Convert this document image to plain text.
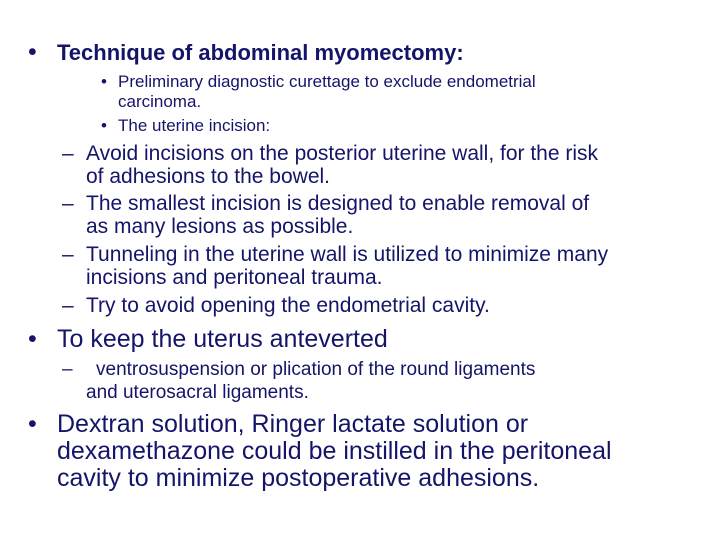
• Technique of abdominal myomectomy:

• Preliminary diagnostic curettage to exclude endometrial

carcinoma.

• The uterine incision:

– Avoid incisions on the posterior uterine wall, for the risk

of adhesions to the bowel.

– The smallest incision is designed to enable removal of

as many lesions as possible.

– Tunneling in the uterine wall is utilized to minimize many

incisions and peritoneal trauma.

– Try to avoid opening the endometrial cavity.

• To keep the uterus anteverted

– ventrosuspension or plication of the round ligaments

and uterosacral ligaments.

• Dextran solution, Ringer lactate solution or

dexamethazone could be instilled in the peritoneal

cavity to minimize postoperative adhesions.
